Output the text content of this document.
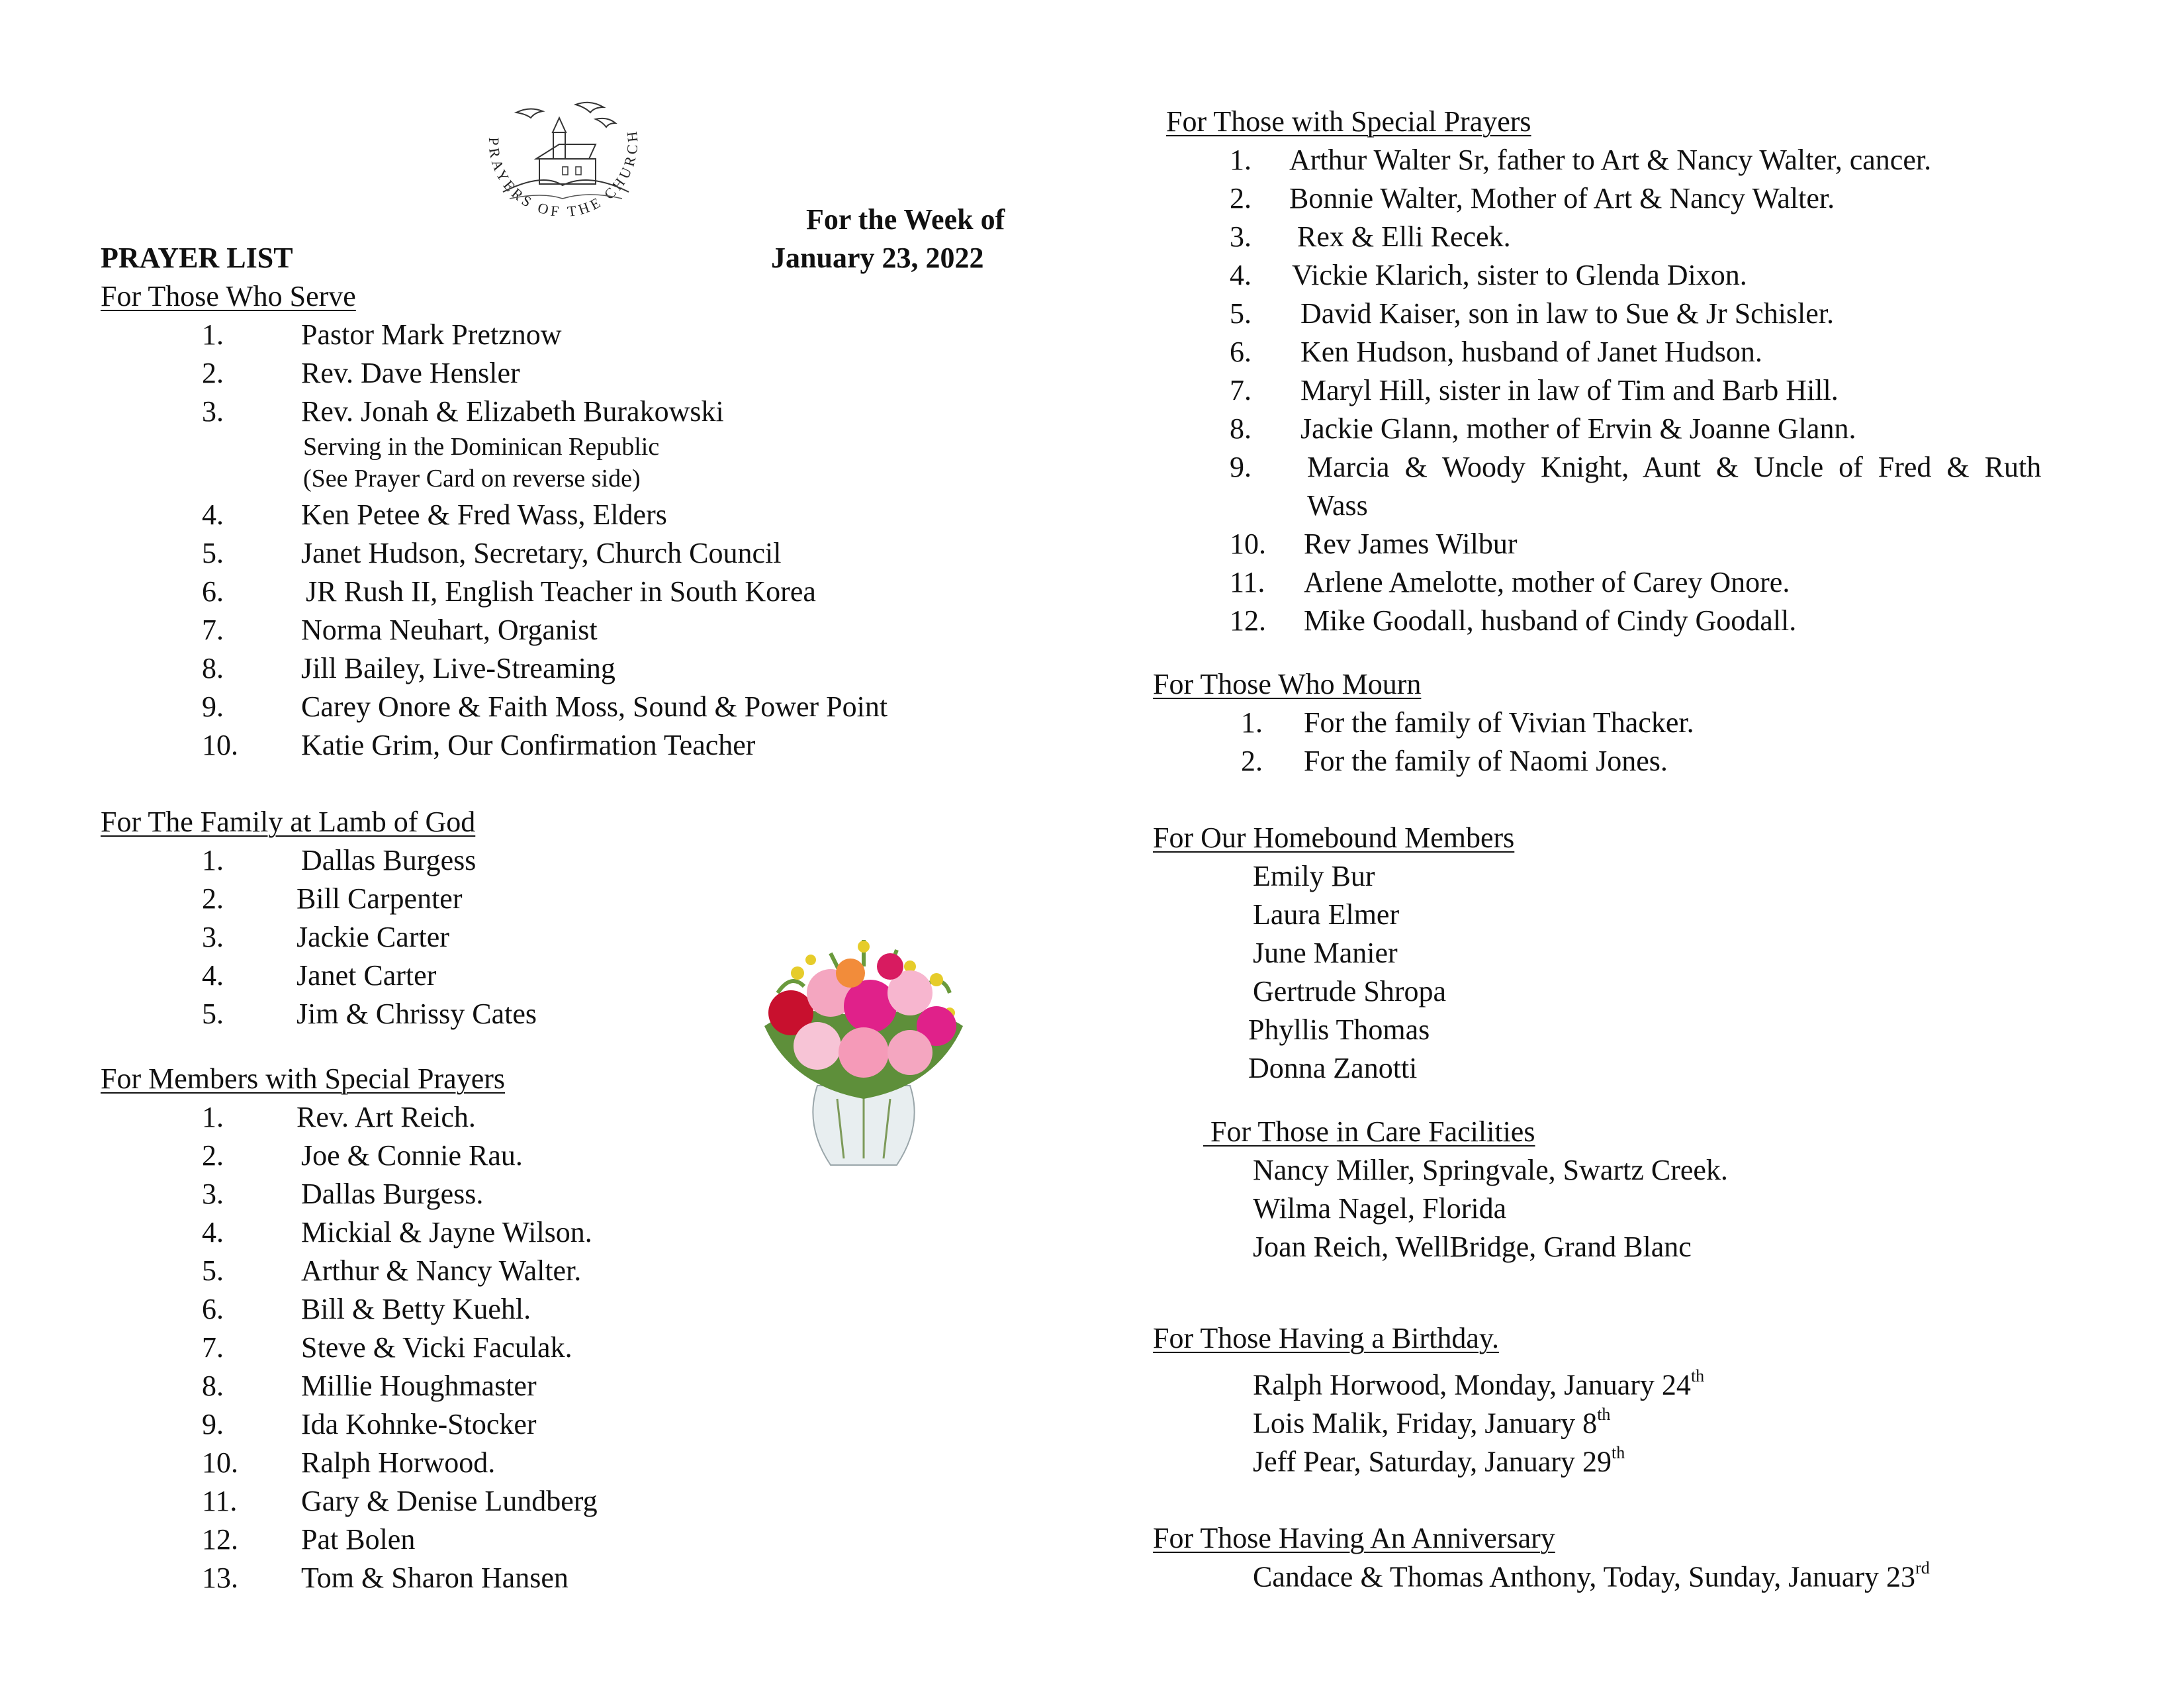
PRAYERS OF THE CHURCH
For the Week of
PRAYER LIST	January 23, 2022
For Those Who Serve
1.	Pastor Mark Pretznow
2.	Rev. Dave Hensler
3.	Rev. Jonah & Elizabeth Burakowski
Serving in the Dominican Republic
(See Prayer Card on reverse side)
4.	Ken Petee & Fred Wass, Elders
5.	Janet Hudson, Secretary, Church Council
6.	JR Rush II, English Teacher in South Korea
7.	Norma Neuhart, Organist
8.	Jill Bailey, Live-Streaming
9.	Carey Onore & Faith Moss, Sound & Power Point
10. Katie Grim, Our Confirmation Teacher
For The Family at Lamb of God
1.	Dallas Burgess
2.	Bill Carpenter
3.	Jackie Carter
4.	Janet Carter
5.	Jim & Chrissy Cates
For Members with Special Prayers
1.	Rev. Art Reich.
2.	Joe & Connie Rau.
3.	Dallas Burgess.
4.	Mickial & Jayne Wilson.
5.	Arthur & Nancy Walter.
6.	Bill & Betty Kuehl.
7.	Steve & Vicki Faculak.
8.	Millie Houghmaster
9.	Ida Kohnke-Stocker
10. Ralph Horwood.
11. Gary & Denise Lundberg
12. Pat Bolen
13. Tom & Sharon Hansen
For Those with Special Prayers
1. Arthur Walter Sr, father to Art & Nancy Walter, cancer.
2. Bonnie Walter, Mother of Art & Nancy Walter.
3. Rex & Elli Recek.
4. Vickie Klarich, sister to Glenda Dixon.
5. David Kaiser, son in law to Sue & Jr Schisler.
6. Ken Hudson, husband of Janet Hudson.
7. Maryl Hill, sister in law of Tim and Barb Hill.
8. Jackie Glann, mother of Ervin & Joanne Glann.
9. Marcia & Woody Knight, Aunt & Uncle of Fred & Ruth
Wass
10. Rev James Wilbur
11. Arlene Amelotte, mother of Carey Onore.
12. Mike Goodall, husband of Cindy Goodall.
For Those Who Mourn
1. For the family of Vivian Thacker.
2. For the family of Naomi Jones.
For Our Homebound Members
Emily Bur
Laura Elmer
June Manier
Gertrude Shropa
Phyllis Thomas
Donna Zanotti
For Those in Care Facilities
Nancy Miller, Springvale, Swartz Creek.
Wilma Nagel, Florida
Joan Reich, WellBridge, Grand Blanc
For Those Having a Birthday.
Ralph Horwood, Monday, January 24th
Lois Malik, Friday, January 8th
Jeff Pear, Saturday, January 29th
For Those Having An Anniversary
Candace & Thomas Anthony, Today, Sunday, January 23rd
